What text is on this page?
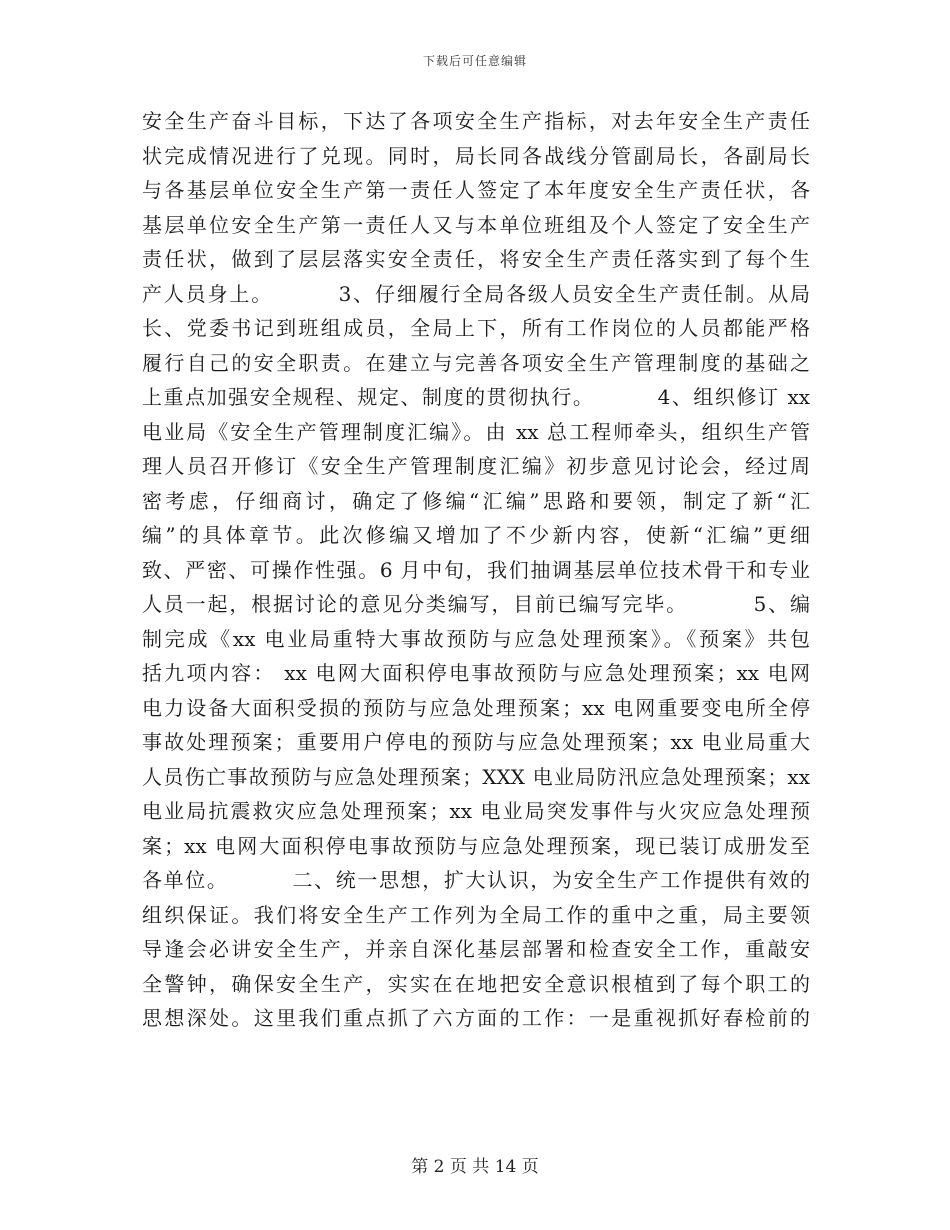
下载后可任意编辑
安全生产奋斗目标，下达了各项安全生产指标，对去年安全生产责任
状完成情况进行了兑现。同时，局长同各战线分管副局长，各副局长
与各基层单位安全生产第一责任人签定了本年度安全生产责任状，各
基层单位安全生产第一责任人又与本单位班组及个人签定了安全生产
责任状，做到了层层落实安全责任，将安全生产责任落实到了每个生
产人员身上。        3、仔细履行全局各级人员安全生产责任制。从局
长、党委书记到班组成员，全局上下，所有工作岗位的人员都能严格
履行自己的安全职责。在建立与完善各项安全生产管理制度的基础之
上重点加强安全规程、规定、制度的贯彻执行。        4、组织修订 xx
电业局《安全生产管理制度汇编》。由 xx 总工程师牵头，组织生产管
理人员召开修订《安全生产管理制度汇编》初步意见讨论会，经过周
密考虑，仔细商讨，确定了修编“汇编”思路和要领，制定了新“汇
编”的具体章节。此次修编又增加了不少新内容，使新“汇编”更细
致、严密、可操作性强。6 月中旬，我们抽调基层单位技术骨干和专业
人员一起，根据讨论的意见分类编写，目前已编写完毕。        5、编
制完成《xx 电业局重特大事故预防与应急处理预案》。《预案》共包
括九项内容： xx 电网大面积停电事故预防与应急处理预案；xx 电网
电力设备大面积受损的预防与应急处理预案；xx 电网重要变电所全停
事故处理预案；重要用户停电的预防与应急处理预案；xx 电业局重大
人员伤亡事故预防与应急处理预案；XXX 电业局防汛应急处理预案；xx
电业局抗震救灾应急处理预案；xx 电业局突发事件与火灾应急处理预
案；xx 电网大面积停电事故预防与应急处理预案，现已装订成册发至
各单位。        二、统一思想，扩大认识，为安全生产工作提供有效的
组织保证。我们将安全生产工作列为全局工作的重中之重，局主要领
导逢会必讲安全生产，并亲自深化基层部署和检查安全工作，重敲安
全警钟，确保安全生产，实实在在地把安全意识根植到了每个职工的
思想深处。这里我们重点抓了六方面的工作：一是重视抓好春检前的
第 2 页 共 14 页
